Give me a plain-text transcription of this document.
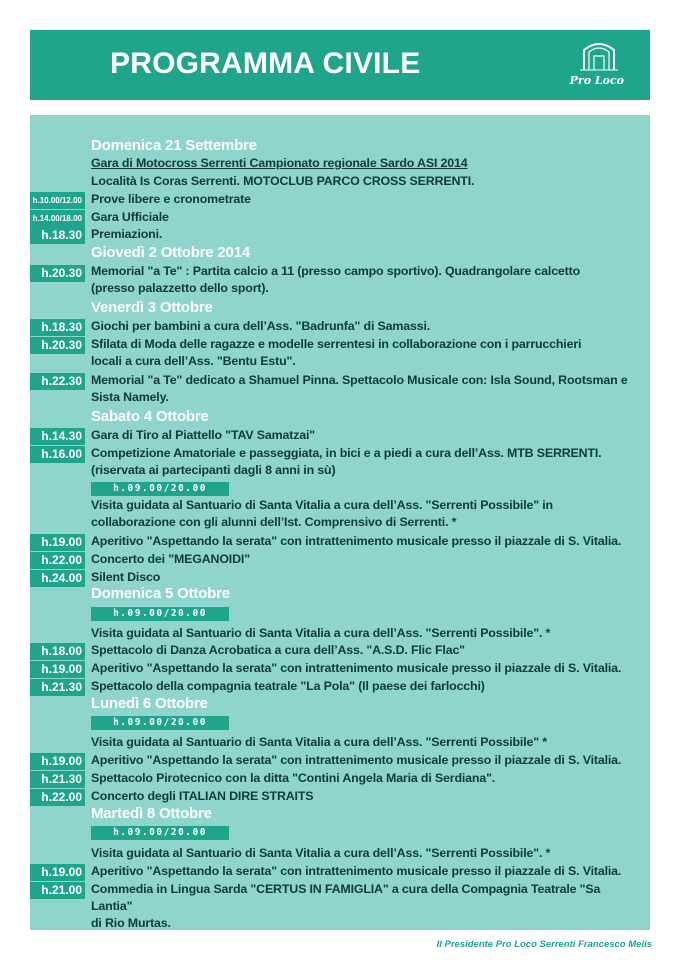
PROGRAMMA CIVILE
Pro Loco
Domenica 21 Settembre
Gara di Motocross Serrenti Campionato regionale Sardo ASI 2014
Località Is Coras Serrenti. MOTOCLUB PARCO CROSS SERRENTI.
h.10.00/12.00 Prove libere e cronometrate
h.14.00/18.00 Gara Ufficiale
h.18.30 Premiazioni.
Giovedì 2 Ottobre 2014
h.20.30 Memorial "a Te" : Partita calcio a 11 (presso campo sportivo). Quadrangolare calcetto
(presso palazzetto dello sport).
Venerdì 3 Ottobre
h.18.30 Giochi per bambini a cura dell’Ass. "Badrunfa" di Samassi.
h.20.30 Sfilata di Moda delle ragazze e modelle serrentesi in collaborazione con i parrucchieri
locali a cura dell’Ass. "Bentu Estu".
h.22.30 Memorial "a Te" dedicato a Shamuel Pinna. Spettacolo Musicale con: Isla Sound, Rootsman e
Sista Namely.
Sabato 4 Ottobre
h.14.30 Gara di Tiro al Piattello "TAV Samatzai"
h.16.00 Competizione Amatoriale e passeggiata, in bici e a piedi a cura dell’Ass. MTB SERRENTI.
(riservata ai partecipanti dagli 8 anni in sù)
h.09.00/20.00
Visita guidata al Santuario di Santa Vitalia a cura dell’Ass. "Serrenti Possibile" in
collaborazione con gli alunni dell’Ist. Comprensivo di Serrenti. *
h.19.00 Aperitivo "Aspettando la serata" con intrattenimento musicale presso il piazzale di S. Vitalia.
h.22.00 Concerto dei "MEGANOIDI"
h.24.00 Silent Disco
Domenica 5 Ottobre
h.09.00/20.00
Visita guidata al Santuario di Santa Vitalia a cura dell’Ass. "Serrenti Possibile". *
h.18.00 Spettacolo di Danza Acrobatica a cura dell’Ass. "A.S.D. Flic Flac"
h.19.00 Aperitivo "Aspettando la serata" con intrattenimento musicale presso il piazzale di S. Vitalia.
h.21.30 Spettacolo della compagnia teatrale "La Pola" (Il paese dei farlocchi)
Lunedì 6 Ottobre
h.09.00/20.00
Visita guidata al Santuario di Santa Vitalia a cura dell’Ass. "Serrenti Possibile" *
h.19.00 Aperitivo "Aspettando la serata" con intrattenimento musicale presso il piazzale di S. Vitalia.
h.21.30 Spettacolo Pirotecnico con la ditta "Contini Angela Maria di Serdiana".
h.22.00 Concerto degli ITALIAN DIRE STRAITS
Martedì 8 Ottobre
h.09.00/20.00
Visita guidata al Santuario di Santa Vitalia a cura dell’Ass. "Serrenti Possibile". *
h.19.00 Aperitivo "Aspettando la serata" con intrattenimento musicale presso il piazzale di S. Vitalia.
h.21.00 Commedia in Lingua Sarda "CERTUS IN FAMIGLIA" a cura della Compagnia Teatrale "Sa Lantia"
di Rio Murtas.
Il Presidente Pro Loco Serrenti Francesco Melis
